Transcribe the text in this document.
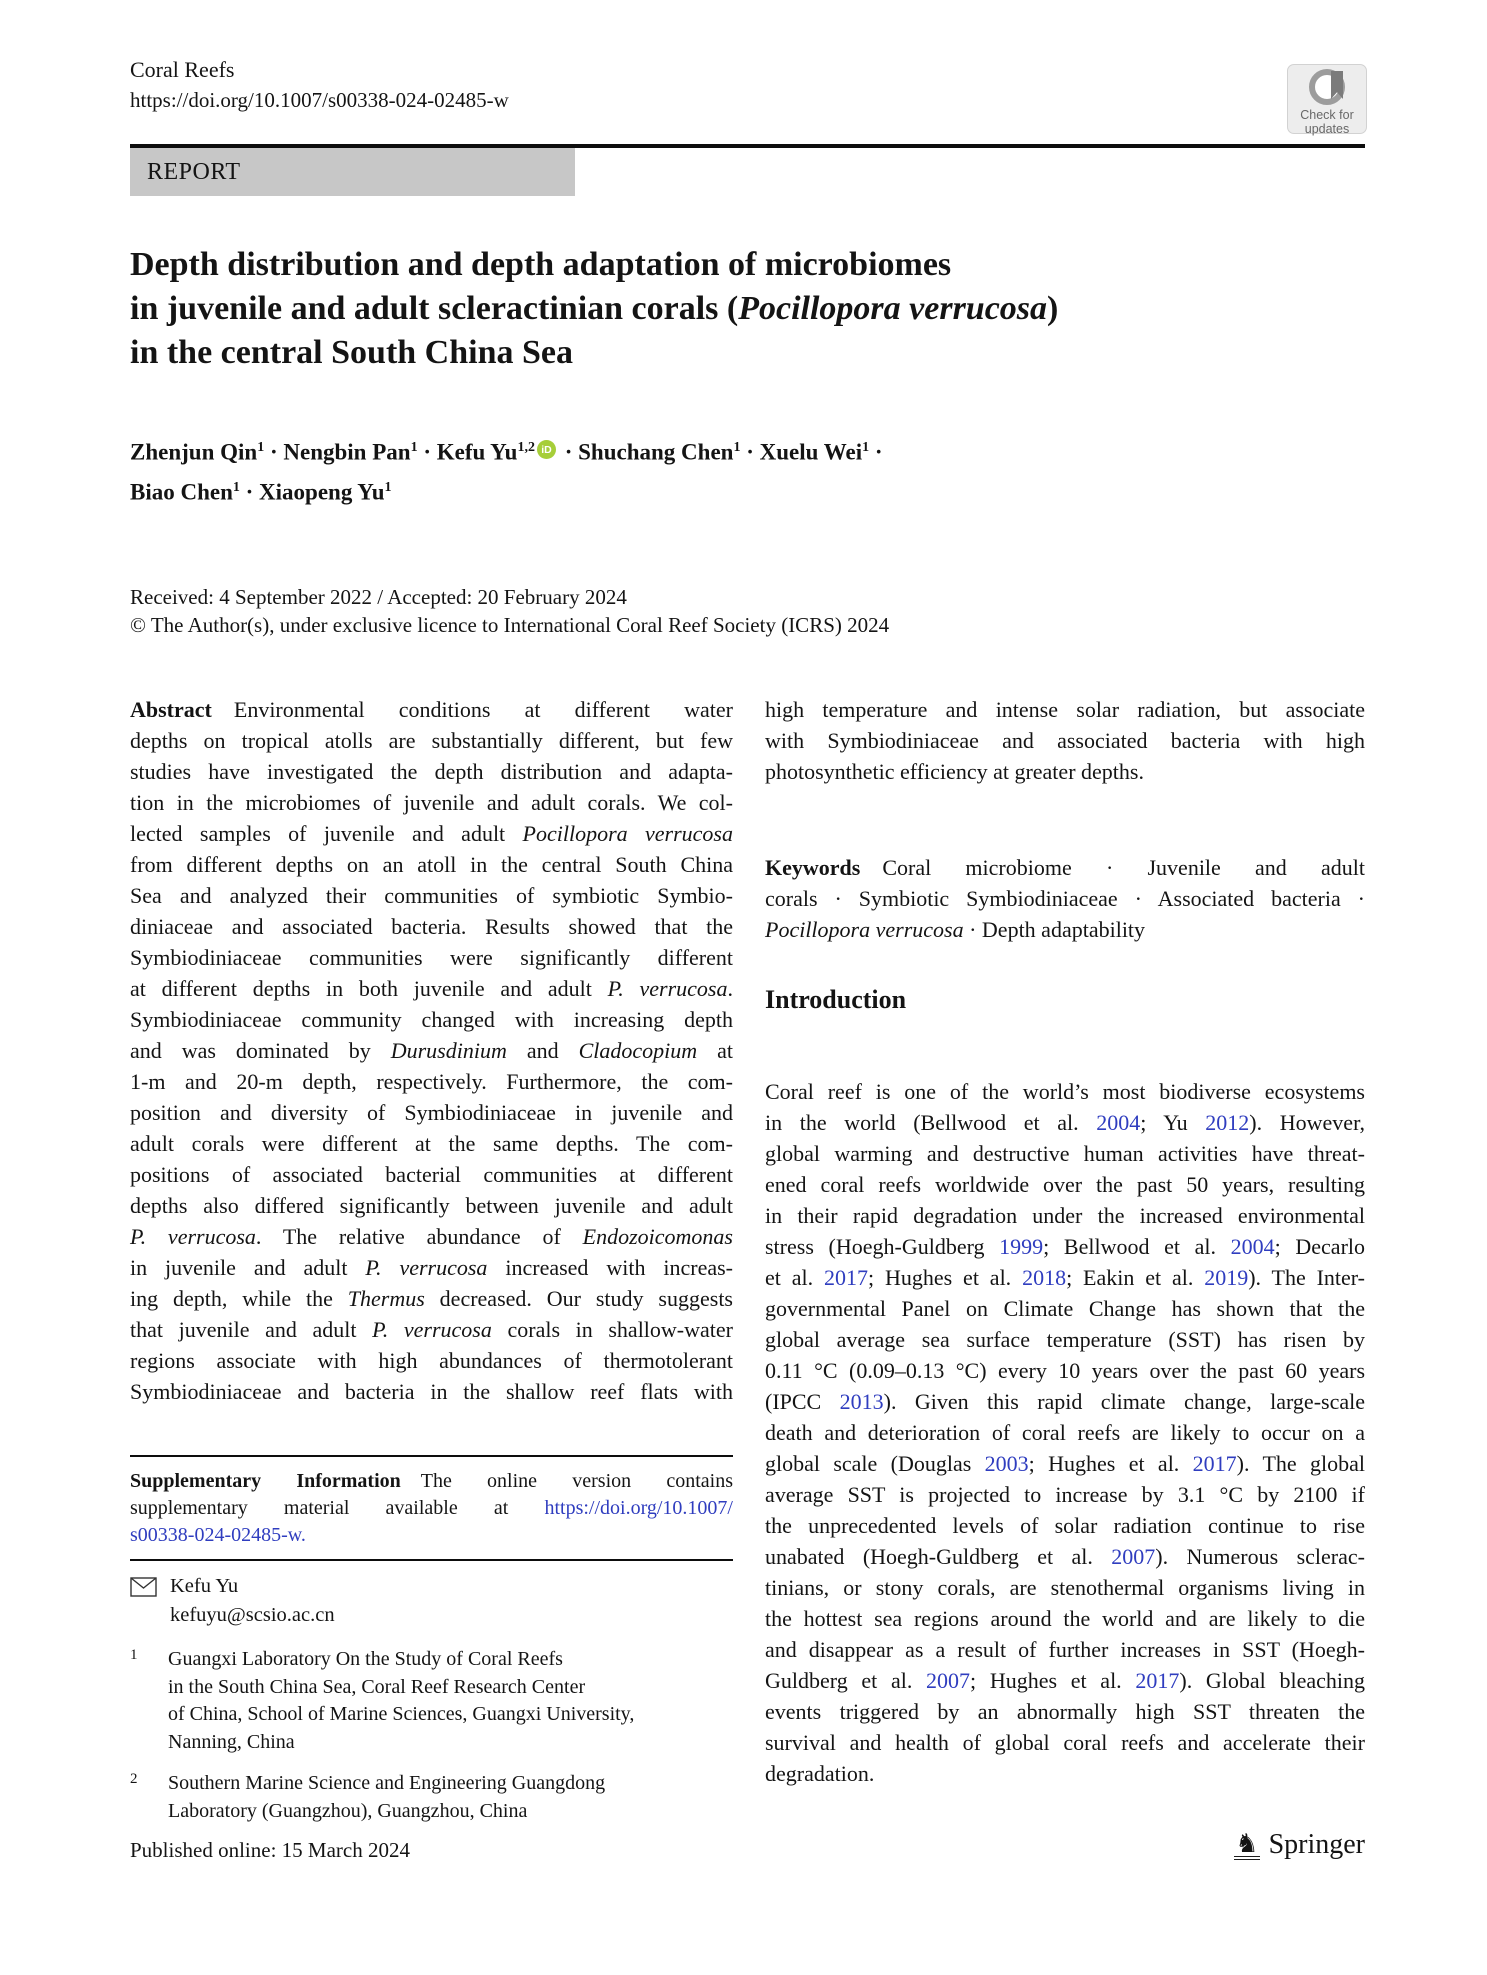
Coral Reefs
https://doi.org/10.1007/s00338-024-02485-w
Check for
updates
REPORT
Depth distribution and depth adaptation of microbiomes
in juvenile and adult scleractinian corals (Pocillopora verrucosa)
in the central South China Sea
Zhenjun Qin$^1$ · Nengbin Pan$^1$ · Kefu Yu$^{1,2}$ iD · Shuchang Chen$^1$ · Xuelu Wei$^1$ ·
Biao Chen$^1$ · Xiaopeng Yu$^1$
Received: 4 September 2022 / Accepted: 20 February 2024
© The Author(s), under exclusive licence to International Coral Reef Society (ICRS) 2024
Abstract Environmental conditions at different water
depths on tropical atolls are substantially different, but few
studies have investigated the depth distribution and adapta-
tion in the microbiomes of juvenile and adult corals. We col-
lected samples of juvenile and adult Pocillopora verrucosa
from different depths on an atoll in the central South China
Sea and analyzed their communities of symbiotic Symbio-
diniaceae and associated bacteria. Results showed that the
Symbiodiniaceae communities were significantly different
at different depths in both juvenile and adult P. verrucosa.
Symbiodiniaceae community changed with increasing depth
and was dominated by Durusdinium and Cladocopium at
1-m and 20-m depth, respectively. Furthermore, the com-
position and diversity of Symbiodiniaceae in juvenile and
adult corals were different at the same depths. The com-
positions of associated bacterial communities at different
depths also differed significantly between juvenile and adult
P. verrucosa. The relative abundance of Endozoicomonas
in juvenile and adult P. verrucosa increased with increas-
ing depth, while the Thermus decreased. Our study suggests
that juvenile and adult P. verrucosa corals in shallow-water
regions associate with high abundances of thermotolerant
Symbiodiniaceae and bacteria in the shallow reef flats with
Supplementary Information The online version contains
supplementary material available at https://doi.org/10.1007/
s00338-024-02485-w.
Kefu Yu
kefuyu@scsio.ac.cn
1	Guangxi Laboratory On the Study of Coral Reefs
in the South China Sea, Coral Reef Research Center
of China, School of Marine Sciences, Guangxi University,
Nanning, China
2	Southern Marine Science and Engineering Guangdong
Laboratory (Guangzhou), Guangzhou, China
Published online: 15 March 2024
high temperature and intense solar radiation, but associate
with Symbiodiniaceae and associated bacteria with high
photosynthetic efficiency at greater depths.
Keywords Coral microbiome · Juvenile and adult
corals · Symbiotic Symbiodiniaceae · Associated bacteria ·
Pocillopora verrucosa · Depth adaptability
Introduction
Coral reef is one of the world’s most biodiverse ecosystems
in the world (Bellwood et al. 2004; Yu 2012). However,
global warming and destructive human activities have threat-
ened coral reefs worldwide over the past 50 years, resulting
in their rapid degradation under the increased environmental
stress (Hoegh-Guldberg 1999; Bellwood et al. 2004; Decarlo
et al. 2017; Hughes et al. 2018; Eakin et al. 2019). The Inter-
governmental Panel on Climate Change has shown that the
global average sea surface temperature (SST) has risen by
0.11 °C (0.09–0.13 °C) every 10 years over the past 60 years
(IPCC 2013). Given this rapid climate change, large-scale
death and deterioration of coral reefs are likely to occur on a
global scale (Douglas 2003; Hughes et al. 2017). The global
average SST is projected to increase by 3.1 °C by 2100 if
the unprecedented levels of solar radiation continue to rise
unabated (Hoegh-Guldberg et al. 2007). Numerous sclerac-
tinians, or stony corals, are stenothermal organisms living in
the hottest sea regions around the world and are likely to die
and disappear as a result of further increases in SST (Hoegh-
Guldberg et al. 2007; Hughes et al. 2017). Global bleaching
events triggered by an abnormally high SST threaten the
survival and health of global coral reefs and accelerate their
degradation.
♞ Springer
